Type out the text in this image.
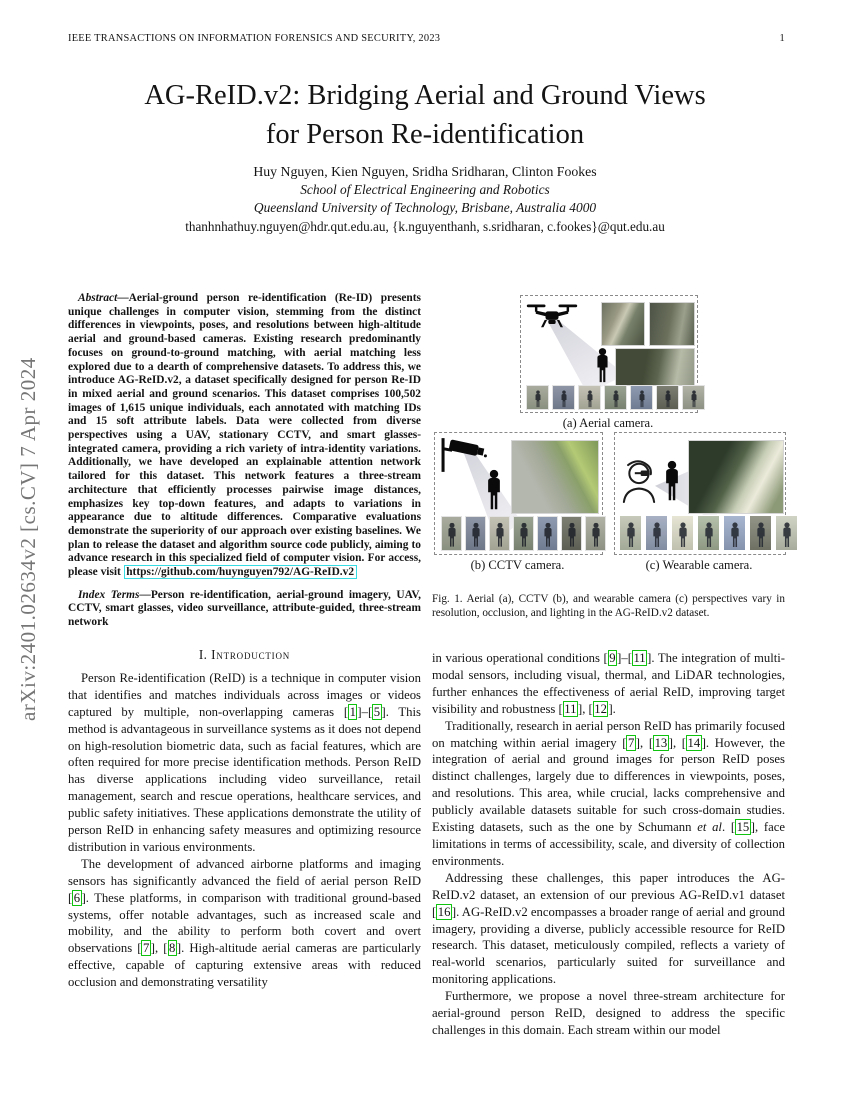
IEEE TRANSACTIONS ON INFORMATION FORENSICS AND SECURITY, 2023	1
arXiv:2401.02634v2 [cs.CV] 7 Apr 2024
AG-ReID.v2: Bridging Aerial and Ground Views
for Person Re-identification
Huy Nguyen, Kien Nguyen, Sridha Sridharan, Clinton Fookes
School of Electrical Engineering and Robotics
Queensland University of Technology, Brisbane, Australia 4000
thanhnhathuy.nguyen@hdr.qut.edu.au, {k.nguyenthanh, s.sridharan, c.fookes}@qut.edu.au

Abstract—Aerial-ground person re-identification (Re-ID) presents unique challenges in computer vision, stemming from the distinct differences in viewpoints, poses, and resolutions between high-altitude aerial and ground-based cameras. Existing research predominantly focuses on ground-to-ground matching, with aerial matching less explored due to a dearth of comprehensive datasets. To address this, we introduce AG-ReID.v2, a dataset specifically designed for person Re-ID in mixed aerial and ground scenarios. This dataset comprises 100,502 images of 1,615 unique individuals, each annotated with matching IDs and 15 soft attribute labels. Data were collected from diverse perspectives using a UAV, stationary CCTV, and smart glasses-integrated camera, providing a rich variety of intra-identity variations. Additionally, we have developed an explainable attention network tailored for this dataset. This network features a three-stream architecture that efficiently processes pairwise image distances, emphasizes key top-down features, and adapts to variations in appearance due to altitude differences. Comparative evaluations demonstrate the superiority of our approach over existing baselines. We plan to release the dataset and algorithm source code publicly, aiming to advance research in this specialized field of computer vision. For access, please visit https://github.com/huynguyen792/AG-ReID.v2

Index Terms—Person re-identification, aerial-ground imagery, UAV, CCTV, smart glasses, video surveillance, attribute-guided, three-stream network

I. Introduction

Person Re-identification (ReID) is a technique in computer vision that identifies and matches individuals across images or videos captured by multiple, non-overlapping cameras [ 1 ]–[ 5 ]. This method is advantageous in surveillance systems as it does not depend on high-resolution biometric data, such as facial features, which are often required for more precise identification methods. Person ReID has diverse applications including video surveillance, retail management, search and rescue operations, healthcare services, and public safety initiatives. These applications demonstrate the utility of person ReID in enhancing safety measures and optimizing resource distribution in various environments.

The development of advanced airborne platforms and imaging sensors has significantly advanced the field of aerial person ReID [ 6 ]. These platforms, in comparison with traditional ground-based systems, offer notable advantages, such as increased scale and mobility, and the ability to perform both covert and overt observations [ 7 ], [ 8 ]. High-altitude aerial cameras are particularly effective, capable of capturing extensive areas with reduced occlusion and demonstrating versatility

(a) Aerial camera.
(b) CCTV camera.	(c) Wearable camera.
Fig. 1. Aerial (a), CCTV (b), and wearable camera (c) perspectives vary in resolution, occlusion, and lighting in the AG-ReID.v2 dataset.

in various operational conditions [ 9 ]–[ 11 ]. The integration of multi-modal sensors, including visual, thermal, and LiDAR technologies, further enhances the effectiveness of aerial ReID, improving target visibility and robustness [ 11 ], [ 12 ].

Traditionally, research in aerial person ReID has primarily focused on matching within aerial imagery [ 7 ], [ 13 ], [ 14 ]. However, the integration of aerial and ground images for person ReID poses distinct challenges, largely due to differences in viewpoints, poses, and resolutions. This area, while crucial, lacks comprehensive and publicly available datasets suitable for such cross-domain studies. Existing datasets, such as the one by Schumann et al. [ 15 ], face limitations in terms of accessibility, scale, and diversity of collection environments.

Addressing these challenges, this paper introduces the AG-ReID.v2 dataset, an extension of our previous AG-ReID.v1 dataset [ 16 ]. AG-ReID.v2 encompasses a broader range of aerial and ground imagery, providing a diverse, publicly accessible resource for ReID research. This dataset, meticulously compiled, reflects a variety of real-world scenarios, particularly suited for surveillance and monitoring applications.

Furthermore, we propose a novel three-stream architecture for aerial-ground person ReID, designed to address the specific challenges in this domain. Each stream within our model
